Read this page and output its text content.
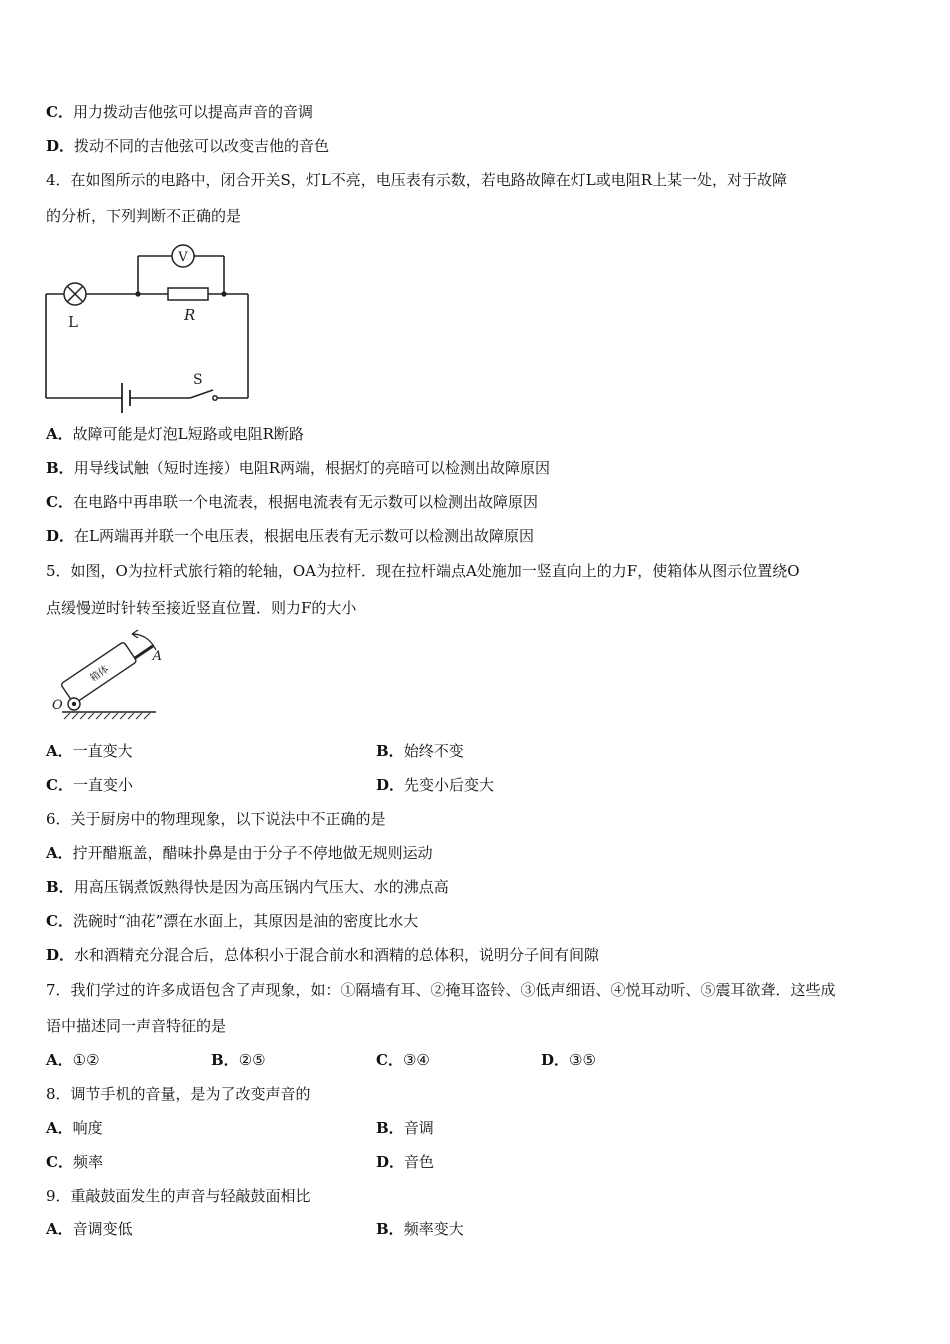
C．用力拨动吉他弦可以提高声音的音调
D．拨动不同的吉他弦可以改变吉他的音色
4．在如图所示的电路中，闭合开关S，灯L不亮，电压表有示数，若电路故障在灯L或电阻R上某一处，对于故障
的分析，下列判断不正确的是
V
L	R
S
A．故障可能是灯泡L短路或电阻R断路
B．用导线试触（短时连接）电阻R两端，根据灯的亮暗可以检测出故障原因
C．在电路中再串联一个电流表，根据电流表有无示数可以检测出故障原因
D．在L两端再并联一个电压表，根据电压表有无示数可以检测出故障原因
5．如图，O为拉杆式旅行箱的轮轴，OA为拉杆．现在拉杆端点A处施加一竖直向上的力F，使箱体从图示位置绕O
点缓慢逆时针转至接近竖直位置．则力F的大小
箱体
A
O
A．一直变大	B．始终不变
C．一直变小	D．先变小后变大
6．关于厨房中的物理现象，以下说法中不正确的是
A．拧开醋瓶盖，醋味扑鼻是由于分子不停地做无规则运动
B．用高压锅煮饭熟得快是因为高压锅内气压大、水的沸点高
C．洗碗时“油花”漂在水面上，其原因是油的密度比水大
D．水和酒精充分混合后，总体积小于混合前水和酒精的总体积，说明分子间有间隙
7．我们学过的许多成语包含了声现象，如：①隔墙有耳、②掩耳盗铃、③低声细语、④悦耳动听、⑤震耳欲聋．这些成
语中描述同一声音特征的是
A．①②	B．②⑤	C．③④	D．③⑤
8．调节手机的音量，是为了改变声音的
A．响度	B．音调
C．频率	D．音色
9．重敲鼓面发生的声音与轻敲鼓面相比
A．音调变低	B．频率变大
